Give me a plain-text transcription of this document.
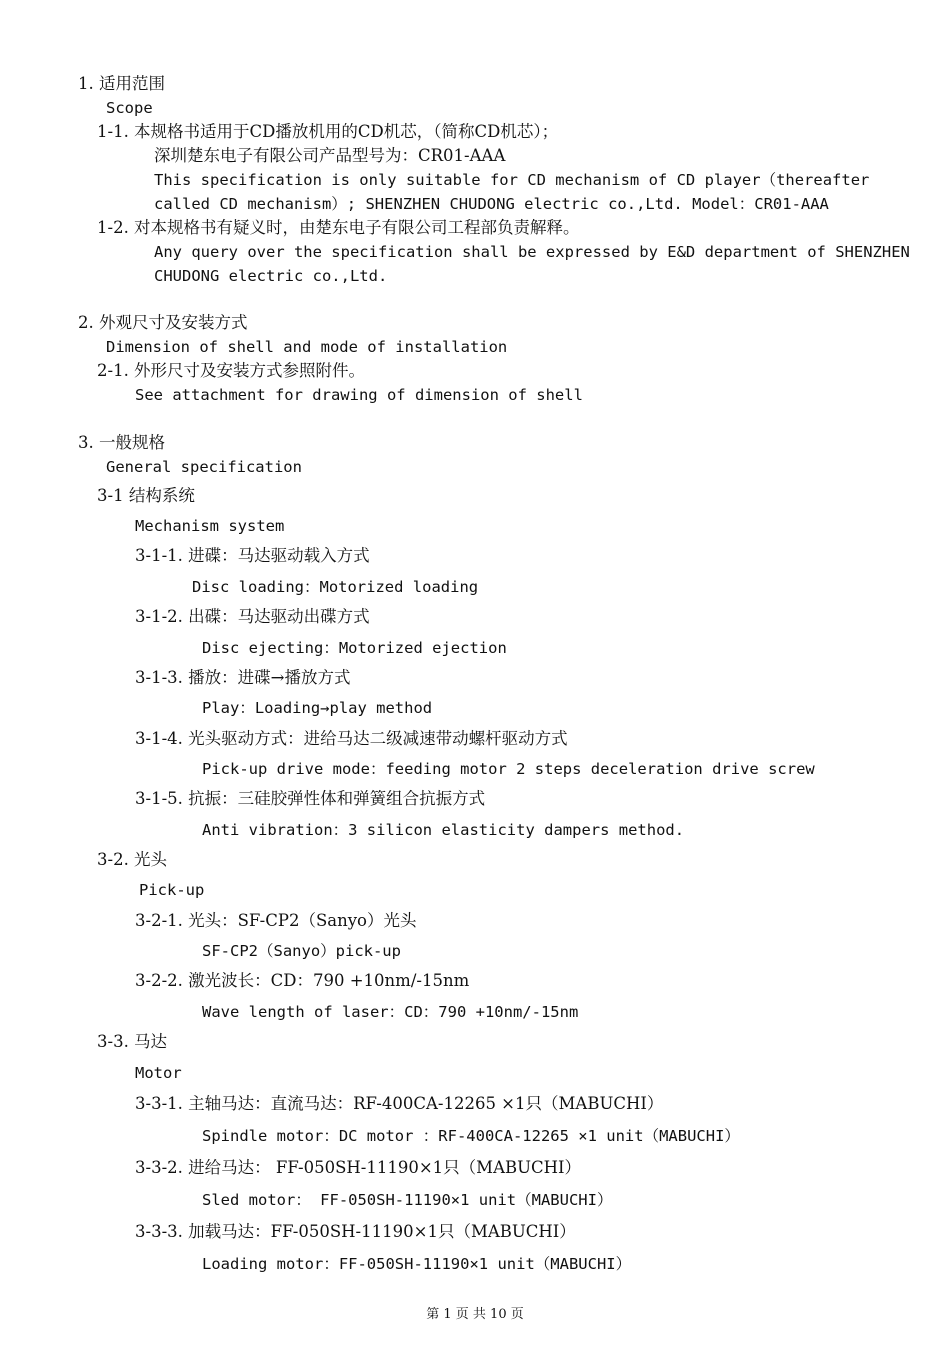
1. 适用范围
Scope
1-1. 本规格书适用于CD播放机用的CD机芯，（简称CD机芯）；
深圳楚东电子有限公司产品型号为：CR01-AAA
This specification is only suitable for CD mechanism of CD player（thereafter
called CD mechanism）; SHENZHEN CHUDONG electric co.,Ltd. Model：CR01-AAA
1-2. 对本规格书有疑义时，由楚东电子有限公司工程部负责解释。
Any query over the specification shall be expressed by E&D department of SHENZHEN
CHUDONG electric co.,Ltd.
2. 外观尺寸及安装方式
Dimension of shell and mode of installation
2-1. 外形尺寸及安装方式参照附件。
See attachment for drawing of dimension of shell
3. 一般规格
General specification
3-1 结构系统
Mechanism system
3-1-1. 进碟：马达驱动载入方式
Disc loading：Motorized loading
3-1-2. 出碟：马达驱动出碟方式
Disc ejecting：Motorized ejection
3-1-3. 播放：进碟→播放方式
Play：Loading→play method
3-1-4. 光头驱动方式：进给马达二级减速带动螺杆驱动方式
Pick-up drive mode：feeding motor 2 steps deceleration drive screw
3-1-5. 抗振：三硅胶弹性体和弹簧组合抗振方式
Anti vibration：3 silicon elasticity dampers method.
3-2. 光头
Pick-up
3-2-1. 光头：SF-CP2（Sanyo）光头
SF-CP2（Sanyo）pick-up
3-2-2. 激光波长：CD：790 +10nm/-15nm
Wave length of laser：CD：790 +10nm/-15nm
3-3. 马达
Motor
3-3-1. 主轴马达：直流马达：RF-400CA-12265 ×1只（MABUCHI）
Spindle motor：DC motor ：RF-400CA-12265 ×1 unit（MABUCHI）
3-3-2. 进给马达： FF-050SH-11190×1只（MABUCHI）
Sled motor： FF-050SH-11190×1 unit（MABUCHI）
3-3-3. 加载马达：FF-050SH-11190×1只（MABUCHI）
Loading motor：FF-050SH-11190×1 unit（MABUCHI）
第 1 页 共 10 页
